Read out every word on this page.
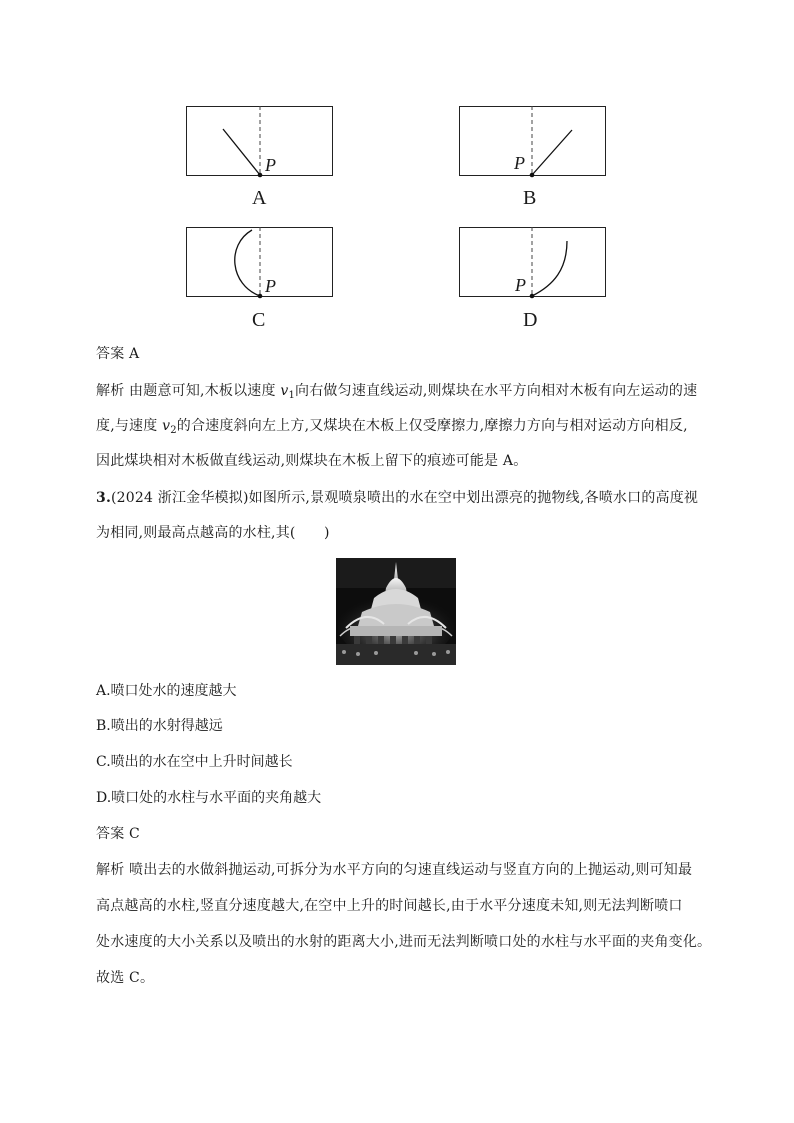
P
A
P
B
P
C
P
D
答案 A
解析 由题意可知,木板以速度 $v_1$向右做匀速直线运动,则煤块在水平方向相对木板有向左运动的速
度,与速度 $v_2$的合速度斜向左上方,又煤块在木板上仅受摩擦力,摩擦力方向与相对运动方向相反,
因此煤块相对木板做直线运动,则煤块在木板上留下的痕迹可能是 A。
3.(2024 浙江金华模拟)如图所示,景观喷泉喷出的水在空中划出漂亮的抛物线,各喷水口的高度视
为相同,则最高点越高的水柱,其(　　)
A.喷口处水的速度越大
B.喷出的水射得越远
C.喷出的水在空中上升时间越长
D.喷口处的水柱与水平面的夹角越大
答案 C
解析 喷出去的水做斜抛运动,可拆分为水平方向的匀速直线运动与竖直方向的上抛运动,则可知最
高点越高的水柱,竖直分速度越大,在空中上升的时间越长,由于水平分速度未知,则无法判断喷口
处水速度的大小关系以及喷出的水射的距离大小,进而无法判断喷口处的水柱与水平面的夹角变化。
故选 C。
